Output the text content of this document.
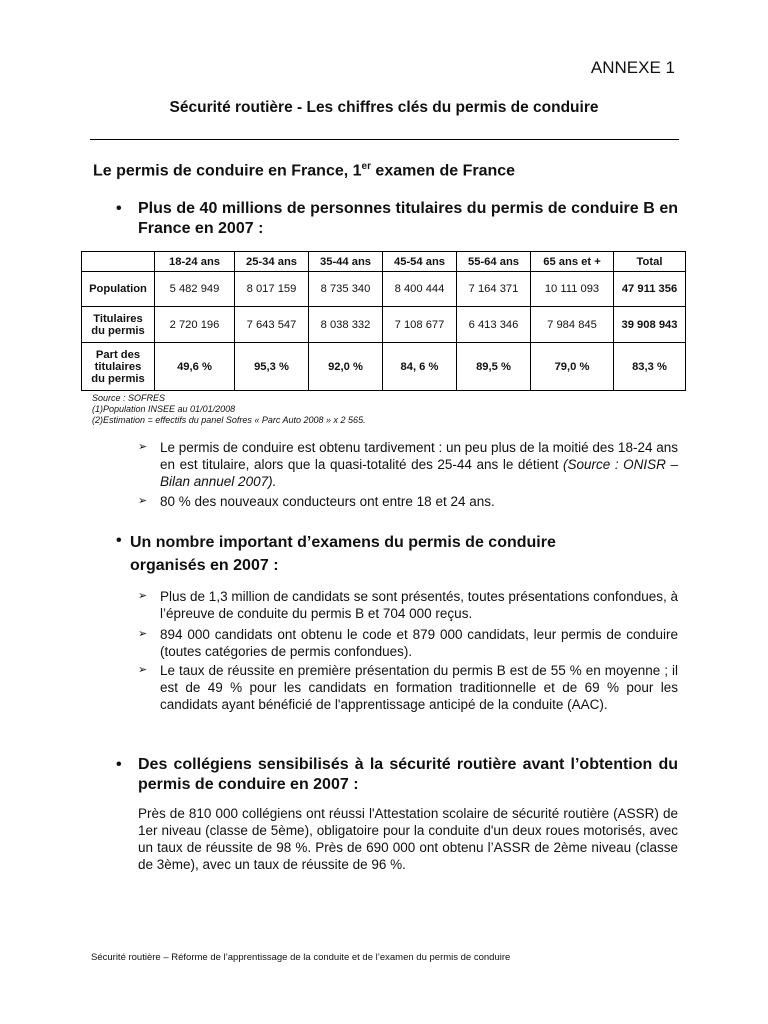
ANNEXE 1
Sécurité routière - Les chiffres clés du permis de conduire
Le permis de conduire en France, 1er examen de France
• Plus de 40 millions de personnes titulaires du permis de conduire B en France en 2007 :
	18-24 ans	25-34 ans	35-44 ans	45-54 ans	55-64 ans	65 ans et +	Total
Population	5 482 949	8 017 159	8 735 340	8 400 444	7 164 371	10 111 093	47 911 356
Titulaires du permis	2 720 196	7 643 547	8 038 332	7 108 677	6 413 346	7 984 845	39 908 943
Part des titulaires du permis	49,6 %	95,3 %	92,0 %	84, 6 %	89,5 %	79,0 %	83,3 %
Source : SOFRES
(1)Population INSEE au 01/01/2008
(2)Estimation = effectifs du panel Sofres « Parc Auto 2008 » x 2 565.
➢ Le permis de conduire est obtenu tardivement : un peu plus de la moitié des 18-24 ans en est titulaire, alors que la quasi-totalité des 25-44 ans le détient (Source : ONISR – Bilan annuel 2007).
➢ 80 % des nouveaux conducteurs ont entre 18 et 24 ans.
• Un nombre important d’examens du permis de conduire organisés en 2007 :
➢ Plus de 1,3 million de candidats se sont présentés, toutes présentations confondues, à l’épreuve de conduite du permis B et 704 000 reçus.
➢ 894 000 candidats ont obtenu le code et 879 000 candidats, leur permis de conduire (toutes catégories de permis confondues).
➢ Le taux de réussite en première présentation du permis B est de 55 % en moyenne ; il est de 49 % pour les candidats en formation traditionnelle et de 69 % pour les candidats ayant bénéficié de l'apprentissage anticipé de la conduite (AAC).
• Des collégiens sensibilisés à la sécurité routière avant l’obtention du permis de conduire en 2007 :
Près de 810 000 collégiens ont réussi l'Attestation scolaire de sécurité routière (ASSR) de 1er niveau (classe de 5ème), obligatoire pour la conduite d'un deux roues motorisés, avec un taux de réussite de 98 %. Près de 690 000 ont obtenu l’ASSR de 2ème niveau (classe de 3ème), avec un taux de réussite de 96 %.
Sécurité routière – Réforme de l’apprentissage de la conduite et de l’examen du permis de conduire
